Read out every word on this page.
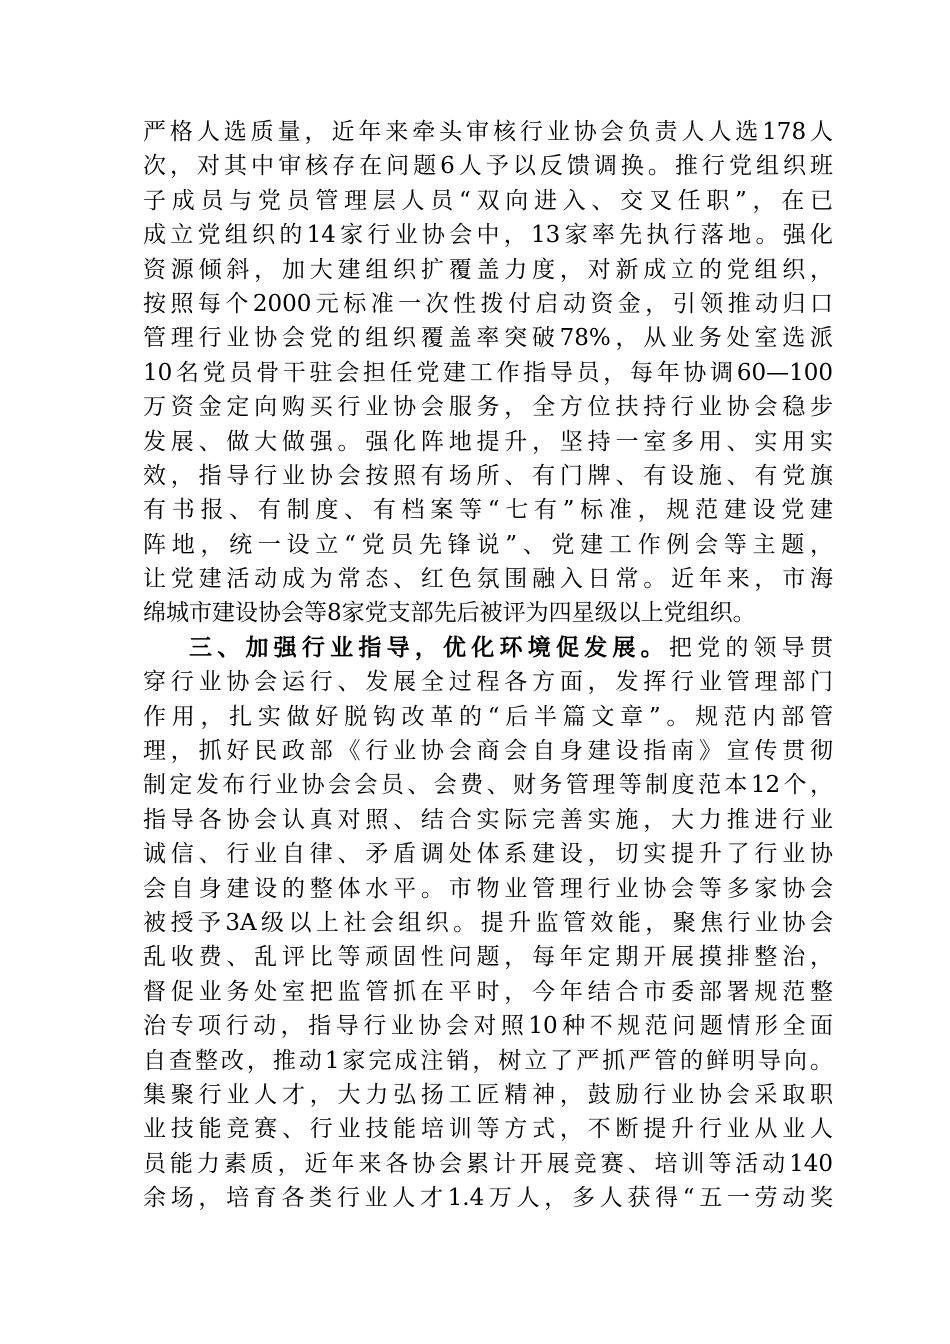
严格人选质量，近年来牵头审核行业协会负责人人选178人
次，对其中审核存在问题6人予以反馈调换。推行党组织班
子成员与党员管理层人员“双向进入、交叉任职”，在已
成立党组织的14家行业协会中，13家率先执行落地。强化
资源倾斜，加大建组织扩覆盖力度，对新成立的党组织，
按照每个2000元标准一次性拨付启动资金，引领推动归口
管理行业协会党的组织覆盖率突破78%，从业务处室选派
10名党员骨干驻会担任党建工作指导员，每年协调60—100
万资金定向购买行业协会服务，全方位扶持行业协会稳步
发展、做大做强。强化阵地提升，坚持一室多用、实用实
效，指导行业协会按照有场所、有门牌、有设施、有党旗
有书报、有制度、有档案等“七有”标准，规范建设党建
阵地，统一设立“党员先锋说”、党建工作例会等主题，
让党建活动成为常态、红色氛围融入日常。近年来，市海
绵城市建设协会等8家党支部先后被评为四星级以上党组织。
三、加强行业指导，优化环境促发展。把党的领导贯
穿行业协会运行、发展全过程各方面，发挥行业管理部门
作用，扎实做好脱钩改革的“后半篇文章”。规范内部管
理，抓好民政部《行业协会商会自身建设指南》宣传贯彻
制定发布行业协会会员、会费、财务管理等制度范本12个，
指导各协会认真对照、结合实际完善实施，大力推进行业
诚信、行业自律、矛盾调处体系建设，切实提升了行业协
会自身建设的整体水平。市物业管理行业协会等多家协会
被授予3A级以上社会组织。提升监管效能，聚焦行业协会
乱收费、乱评比等顽固性问题，每年定期开展摸排整治，
督促业务处室把监管抓在平时，今年结合市委部署规范整
治专项行动，指导行业协会对照10种不规范问题情形全面
自查整改，推动1家完成注销，树立了严抓严管的鲜明导向。
集聚行业人才，大力弘扬工匠精神，鼓励行业协会采取职
业技能竞赛、行业技能培训等方式，不断提升行业从业人
员能力素质，近年来各协会累计开展竞赛、培训等活动140
余场，培育各类行业人才1.4万人，多人获得“五一劳动奖
